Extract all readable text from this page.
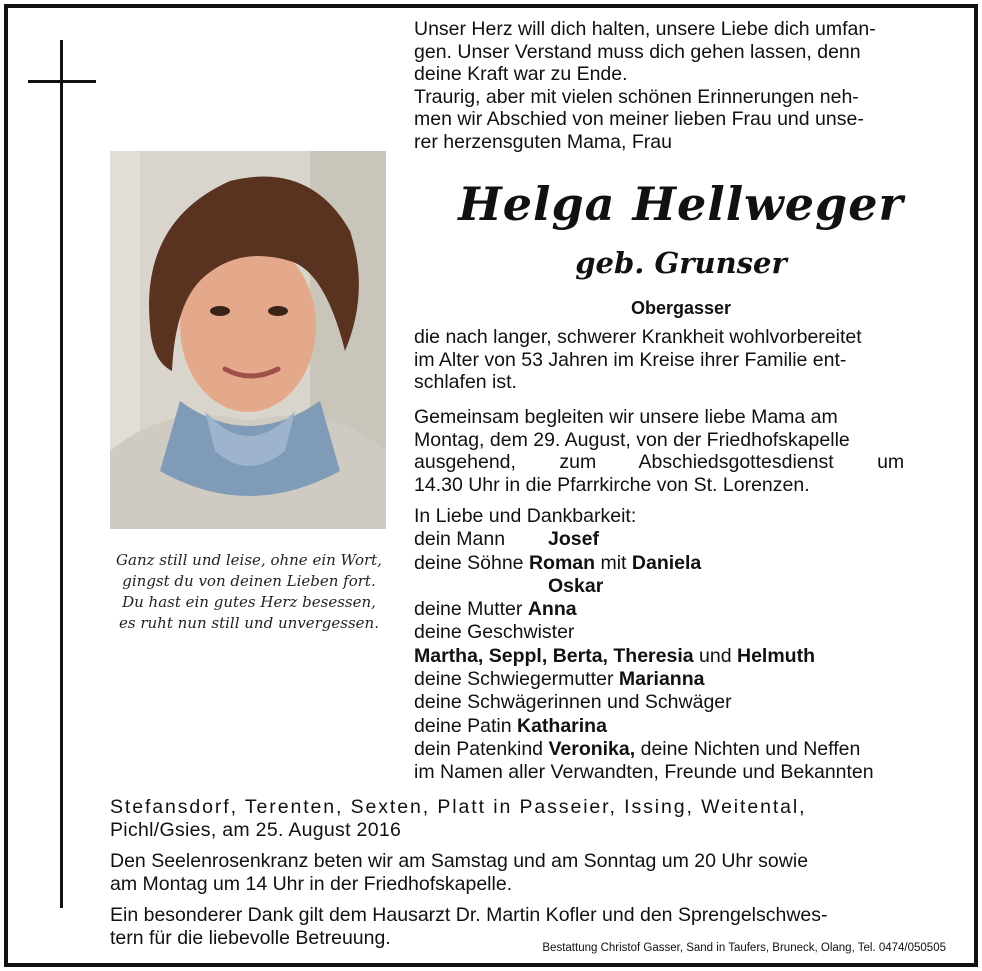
Ganz still und leise, ohne ein Wort,
gingst du von deinen Lieben fort.
Du hast ein gutes Herz besessen,
es ruht nun still und unvergessen.

Unser Herz will dich halten, unsere Liebe dich umfan-

gen. Unser Verstand muss dich gehen lassen, denn

deine Kraft war zu Ende.

Traurig, aber mit vielen schönen Erinnerungen neh-

men wir Abschied von meiner lieben Frau und unse-

rer herzensguten Mama, Frau

Helga Hellweger
geb. Grunser
Obergasser

die nach langer, schwerer Krankheit wohlvorbereitet

im Alter von 53 Jahren im Kreise ihrer Familie ent-

schlafen ist.

Gemeinsam begleiten wir unsere liebe Mama am

Montag, dem 29. August, von der Friedhofskapelle

ausgehend, zum Abschiedsgottesdienst um

14.30 Uhr in die Pfarrkirche von St. Lorenzen.

In Liebe und Dankbarkeit:
dein Mann Josef
deine Söhne Roman mit Daniela
Oskar
deine Mutter Anna
deine Geschwister
Martha, Seppl, Berta, Theresia und Helmuth
deine Schwiegermutter Marianna
deine Schwägerinnen und Schwäger
deine Patin Katharina
dein Patenkind Veronika, deine Nichten und Neffen
im Namen aller Verwandten, Freunde und Bekannten
Stefansdorf, Terenten, Sexten, Platt in Passeier, Issing, Weitental,
Pichl/Gsies, am 25. August 2016
Den Seelenrosenkranz beten wir am Samstag und am Sonntag um 20 Uhr sowie
am Montag um 14 Uhr in der Friedhofskapelle.
Ein besonderer Dank gilt dem Hausarzt Dr. Martin Kofler und den Sprengelschwes-
tern für die liebevolle Betreuung.	Bestattung Christof Gasser, Sand in Taufers, Bruneck, Olang, Tel. 0474/050505
